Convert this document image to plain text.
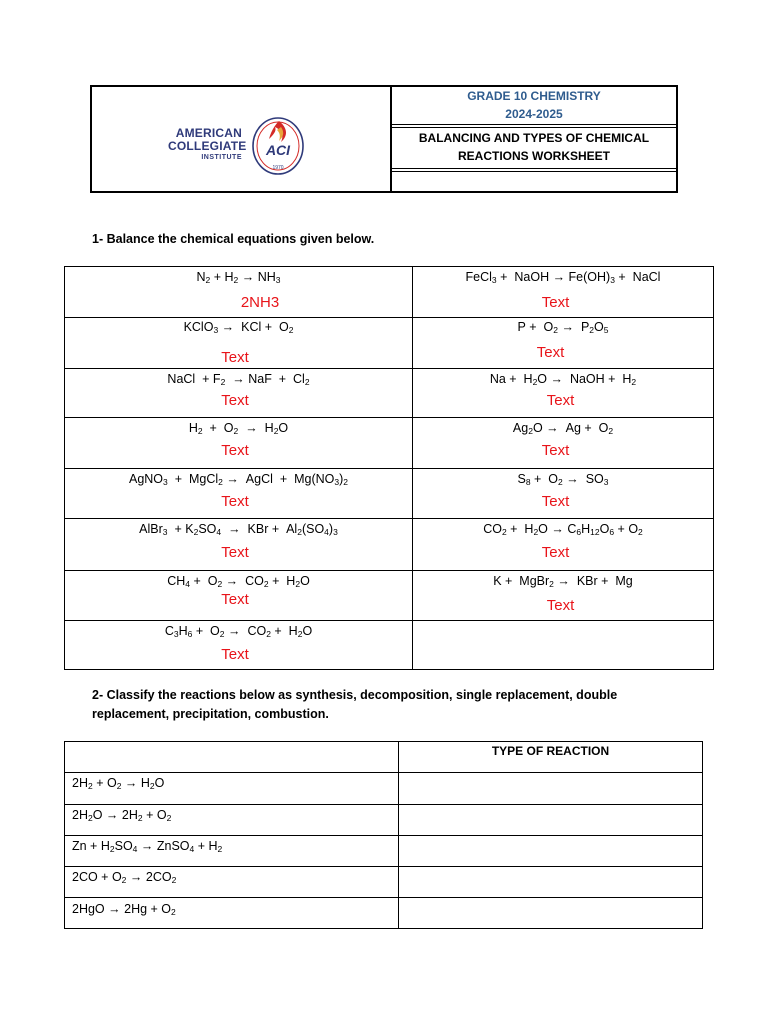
AMERICAN
COLLEGIATE
INSTITUTE ACI
1970
GRADE 10 CHEMISTRY
2024-2025
BALANCING AND TYPES OF CHEMICAL
REACTIONS WORKSHEET
1- Balance the chemical equations given below.
$N_2 + H_2 \to NH_3$
2NH3
FeCl$_3$ +  NaOH → $Fe(OH)_3$ +  NaCl
Text
KClO$_3$ →  KCl +  $O_2$
Text
$P + O_2 \to P_2O_5$
Text
NaCl  + $F_2$ → NaF  +  $Cl_2$
Text
$Na + H_2O$ →  NaOH +  $H_2$
Text
$H_2 + O_2 \to H_2O$
Text
$Ag_2O \to Ag + O_2$
Text
AgNO$_3$  +  MgCl$_2$ →  AgCl  +  $Mg(NO_3)_2$
Text
$S_8 + O_2 \to SO_3$
Text
AlBr$_3$  + $K_2SO_4$ →  KBr +  $Al_2(SO_4)_3$
Text
$CO_2 + H_2O \to C_6H_{12}O_6 + O_2$
Text
$CH_4 + O_2 \to CO_2 + H_2O$
Text
K +  MgBr$_2$ →  KBr +  Mg
Text
$C_3H_6 + O_2 \to CO_2 + H_2O$
Text
2- Classify the reactions below as synthesis, decomposition, single replacement, double
replacement, precipitation, combustion.
TYPE OF REACTION
$2H_2 + O_2 \to H_2O$
$2H_2O \to 2H_2 + O_2$
$Zn + H_2SO_4$ → ZnSO$_4$ + $H_2$
$2CO + O_2 \to 2CO_2$
$2HgO \to 2Hg + O_2$
